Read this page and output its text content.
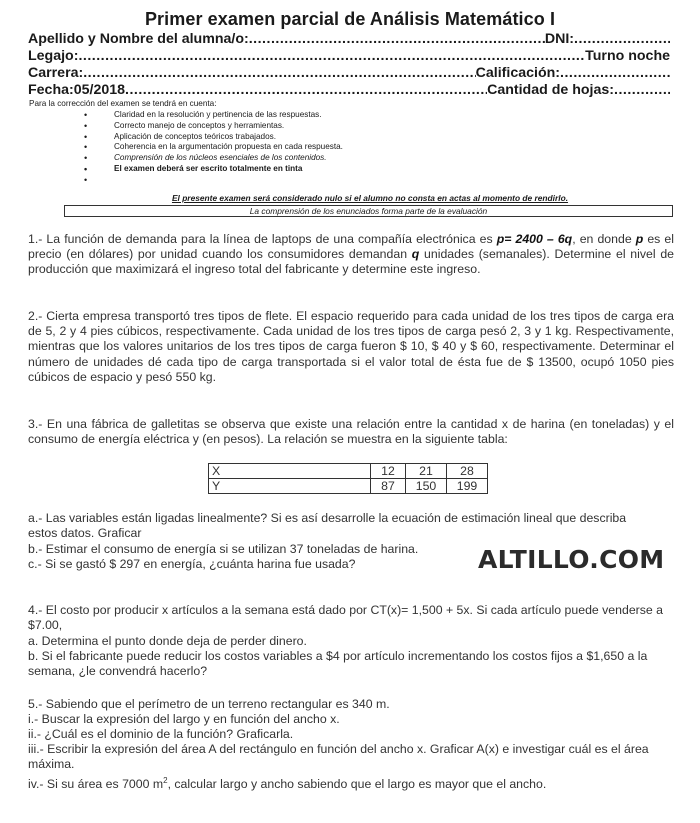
Primer examen parcial de Análisis Matemático I
Apellido y Nombre del alumna/o: .....	DNI:
.....
Legajo: .....	Turno noche
Carrera: .....	Calificación:
.....
Fecha:05/2018 .....	Cantidad de hojas:
.....
Para la corrección del examen se tendrá en cuenta:
• Claridad en la resolución y pertinencia de las respuestas.
• Correcto manejo de conceptos y herramientas.
• Aplicación de conceptos teóricos trabajados.
• Coherencia en la argumentación propuesta en cada respuesta.
• Comprensión de los núcleos esenciales de los contenidos.
• El examen deberá ser escrito totalmente en tinta
•
El presente examen será considerado nulo si el alumno no consta en actas al momento de rendirlo.
La comprensión de los enunciados forma parte de la evaluación
1.- La función de demanda para la línea de laptops de una compañía electrónica es p= 2400 – 6q, en donde p es el precio (en dólares) por unidad cuando los consumidores demandan q unidades (semanales). Determine el nivel de producción que maximizará el ingreso total del fabricante y determine este ingreso.
2.- Cierta empresa transportó tres tipos de flete. El espacio requerido para cada unidad de los tres tipos de carga era de 5, 2 y 4 pies cúbicos, respectivamente. Cada unidad de los tres tipos de carga pesó 2, 3 y 1 kg. Respectivamente, mientras que los valores unitarios de los tres tipos de carga fueron $ 10, $ 40 y $ 60, respectivamente. Determinar el número de unidades dé cada tipo de carga transportada si el valor total de ésta fue de $ 13500, ocupó 1050 pies cúbicos de espacio y pesó 550 kg.
3.- En una fábrica de galletitas se observa que existe una relación entre la cantidad x de harina (en toneladas) y el consumo de energía eléctrica y (en pesos). La relación se muestra en la siguiente tabla:
X	12	21	28
Y	87	150	199
a.- Las variables están ligadas linealmente? Si es así desarrolle la ecuación de estimación lineal que describa estos datos. Graficar
b.- Estimar el consumo de energía si se utilizan 37 toneladas de harina.
c.- Si se gastó $ 297 en energía, ¿cuánta harina fue usada?	ALTILLO.COM
4.- El costo por producir x artículos a la semana está dado por CT(x)= 1,500 + 5x. Si cada artículo puede venderse a $7.00,
a. Determina el punto donde deja de perder dinero.
b. Si el fabricante puede reducir los costos variables a $4 por artículo incrementando los costos fijos a $1,650 a la semana, ¿le convendrá hacerlo?
5.- Sabiendo que el perímetro de un terreno rectangular es 340 m.
i.- Buscar la expresión del largo y en función del ancho x.
ii.- ¿Cuál es el dominio de la función? Graficarla.
iii.- Escribir la expresión del área A del rectángulo en función del ancho x. Graficar A(x) e investigar cuál es el área máxima.
iv.- Si su área es 7000 $m^2$, calcular largo y ancho sabiendo que el largo es mayor que el ancho.
